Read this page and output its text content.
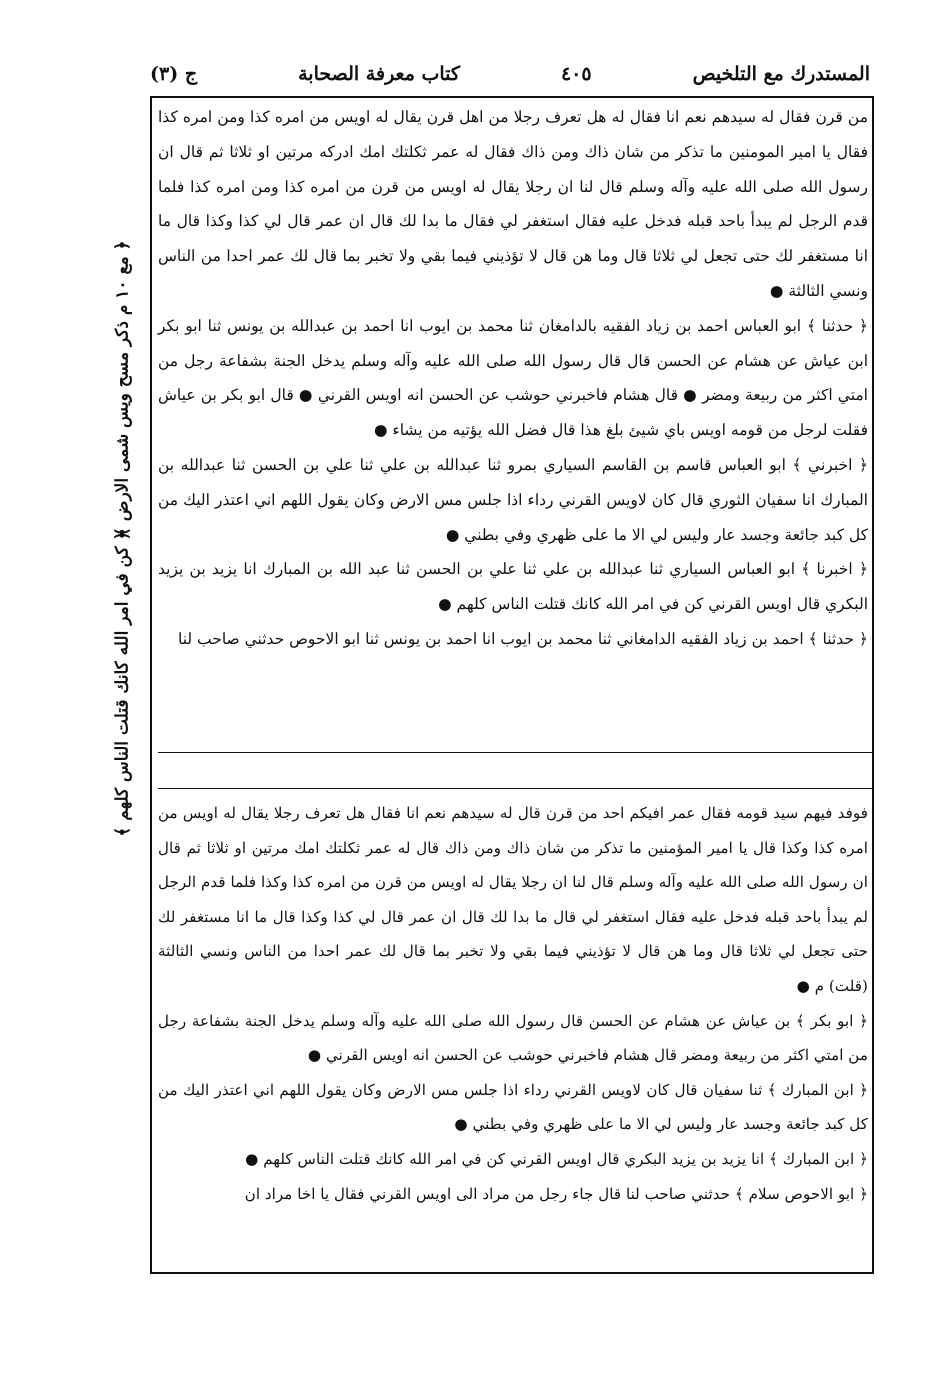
المستدرك مع التلخيص
٤٠٥
كتاب معرفة الصحابة
ج (٣)

من قرن فقال له سيدهم نعم انا فقال له هل تعرف رجلا من اهل قرن يقال له اويس من امره كذا ومن امره كذا فقال يا امير المومنين ما تذكر من شان ذاك ومن ذاك فقال له عمر ثكلتك امك ادركه مرتين او ثلاثا ثم قال ان رسول الله صلى الله عليه وآله وسلم قال لنا ان رجلا يقال له اويس من قرن من امره كذا ومن امره كذا فلما قدم الرجل لم يبدأ باحد قبله فدخل عليه فقال استغفر لي فقال ما بدا لك قال ان عمر قال لي كذا وكذا قال ما انا مستغفر لك حتى تجعل لي ثلاثا قال وما هن قال لا تؤذيني فيما بقي ولا تخبر بما قال لك عمر احدا من الناس ونسي الثالثة ●

﴿ حدثنا ﴾ ابو العباس احمد بن زياد الفقيه بالدامغان ثنا محمد بن ايوب انا احمد بن عبدالله بن يونس ثنا ابو بكر ابن عياش عن هشام عن الحسن قال قال رسول الله صلى الله عليه وآله وسلم يدخل الجنة بشفاعة رجل من امتي اكثر من ربيعة ومضر ● قال هشام فاخبرني حوشب عن الحسن انه اويس القرني ● قال ابو بكر بن عياش فقلت لرجل من قومه اويس باي شيئ بلغ هذا قال فضل الله يؤتيه من يشاء ●

﴿ اخبرني ﴾ ابو العباس قاسم بن القاسم السياري بمرو ثنا عبدالله بن علي ثنا علي بن الحسن ثنا عبدالله بن المبارك انا سفيان الثوري قال كان لاويس القرني رداء اذا جلس مس الارض وكان يقول اللهم اني اعتذر اليك من كل كبد جائعة وجسد عار وليس لي الا ما على ظهري وفي بطني ●

﴿ اخبرنا ﴾ ابو العباس السياري ثنا عبدالله بن علي ثنا علي بن الحسن ثنا عبد الله بن المبارك انا يزيد بن يزيد البكري قال اويس القرني كن في امر الله كانك قتلت الناس كلهم ●

﴿ حدثنا ﴾ احمد بن زياد الفقيه الدامغاني ثنا محمد بن ايوب انا احمد بن يونس ثنا ابو الاحوص حدثني صاحب لنا

فوفد فيهم سيد قومه فقال عمر افيكم احد من قرن قال له سيدهم نعم انا فقال هل تعرف رجلا يقال له اويس من امره كذا وكذا قال يا امير المؤمنين ما تذكر من شان ذاك ومن ذاك قال له عمر ثكلتك امك مرتين او ثلاثا ثم قال ان رسول الله صلى الله عليه وآله وسلم قال لنا ان رجلا يقال له اويس من قرن من امره كذا وكذا فلما قدم الرجل لم يبدأ باحد قبله فدخل عليه فقال استغفر لي قال ما بدا لك قال ان عمر قال لي كذا وكذا قال ما انا مستغفر لك حتى تجعل لي ثلاثا قال وما هن قال لا تؤذيني فيما بقي ولا تخبر بما قال لك عمر احدا من الناس ونسي الثالثة (قلت) م ●

﴿ ابو بكر ﴾ بن عياش عن هشام عن الحسن قال رسول الله صلى الله عليه وآله وسلم يدخل الجنة بشفاعة رجل من امتي اكثر من ربيعة ومضر قال هشام فاخبرني حوشب عن الحسن انه اويس القرني ●

﴿ ابن المبارك ﴾ ثنا سفيان قال كان لاويس القرني رداء اذا جلس مس الارض وكان يقول اللهم اني اعتذر اليك من كل كبد جائعة وجسد عار وليس لي الا ما على ظهري وفي بطني ●

﴿ ابن المبارك ﴾ انا يزيد بن يزيد البكري قال اويس القرني كن في امر الله كانك قتلت الناس كلهم ●

﴿ ابو الاحوص سلام ﴾ حدثني صاحب لنا قال جاء رجل من مراد الى اويس القرني فقال يا اخا مراد ان

﴿ مع ١٠ م ذكر مسح ويس شمى الارض ﴾
﴿ كن في امر الله كانك قتلت الناس كلهم ﴾
